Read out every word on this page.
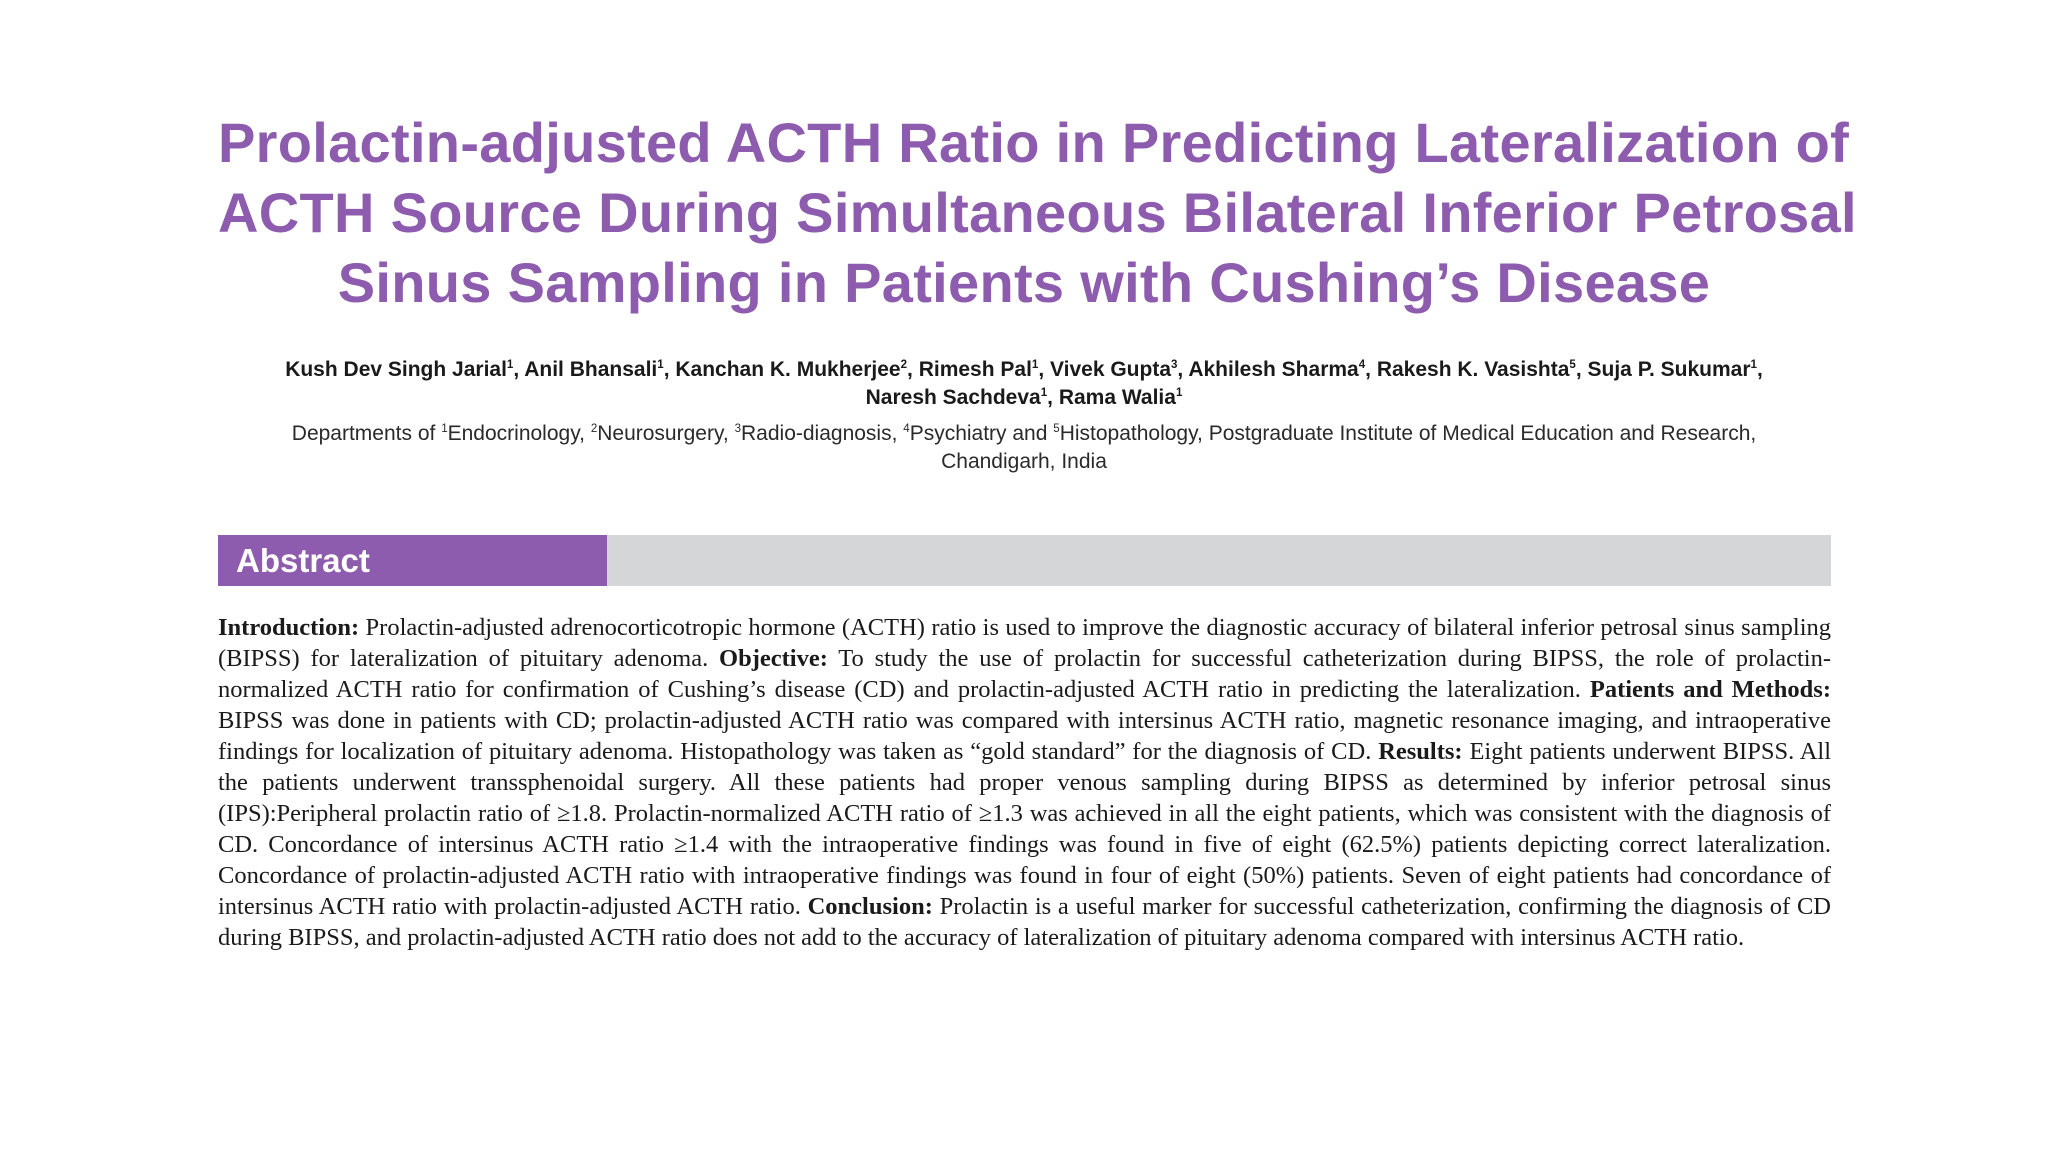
Prolactin-adjusted ACTH Ratio in Predicting Lateralization of
ACTH Source During Simultaneous Bilateral Inferior Petrosal
Sinus Sampling in Patients with Cushing’s Disease
Kush Dev Singh Jarial$^1$, Anil Bhansali$^1$, Kanchan K. Mukherjee$^2$, Rimesh Pal$^1$, Vivek Gupta$^3$, Akhilesh Sharma$^4$, Rakesh K. Vasishta$^5$, Suja P. Sukumar$^1$,
Naresh Sachdeva$^1$, Rama Walia$^1$
Departments of $^1$Endocrinology, $^2$Neurosurgery, $^3$Radio-diagnosis, $^4$Psychiatry and $^5$Histopathology, Postgraduate Institute of Medical Education and Research,
Chandigarh, India
Abstract

Introduction: Prolactin-adjusted adrenocorticotropic hormone (ACTH) ratio is used to improve the diagnostic accuracy of bilateral inferior petrosal sinus sampling (BIPSS) for lateralization of pituitary adenoma. Objective: To study the use of prolactin for successful catheterization during BIPSS, the role of prolactin-normalized ACTH ratio for confirmation of Cushing’s disease (CD) and prolactin-adjusted ACTH ratio in predicting the lateralization. Patients and Methods: BIPSS was done in patients with CD; prolactin-adjusted ACTH ratio was compared with intersinus ACTH ratio, magnetic resonance imaging, and intraoperative findings for localization of pituitary adenoma. Histopathology was taken as “gold standard” for the diagnosis of CD. Results: Eight patients underwent BIPSS. All the patients underwent transsphenoidal surgery. All these patients had proper venous sampling during BIPSS as determined by inferior petrosal sinus (IPS):Peripheral prolactin ratio of ≥1.8. Prolactin-normalized ACTH ratio of ≥1.3 was achieved in all the eight patients, which was consistent with the diagnosis of CD. Concordance of intersinus ACTH ratio ≥1.4 with the intraoperative findings was found in five of eight (62.5%) patients depicting correct lateralization. Concordance of prolactin-adjusted ACTH ratio with intraoperative findings was found in four of eight (50%) patients. Seven of eight patients had concordance of intersinus ACTH ratio with prolactin-adjusted ACTH ratio. Conclusion: Prolactin is a useful marker for successful catheterization, confirming the diagnosis of CD during BIPSS, and prolactin-adjusted ACTH ratio does not add to the accuracy of lateralization of pituitary adenoma compared with intersinus ACTH ratio.
